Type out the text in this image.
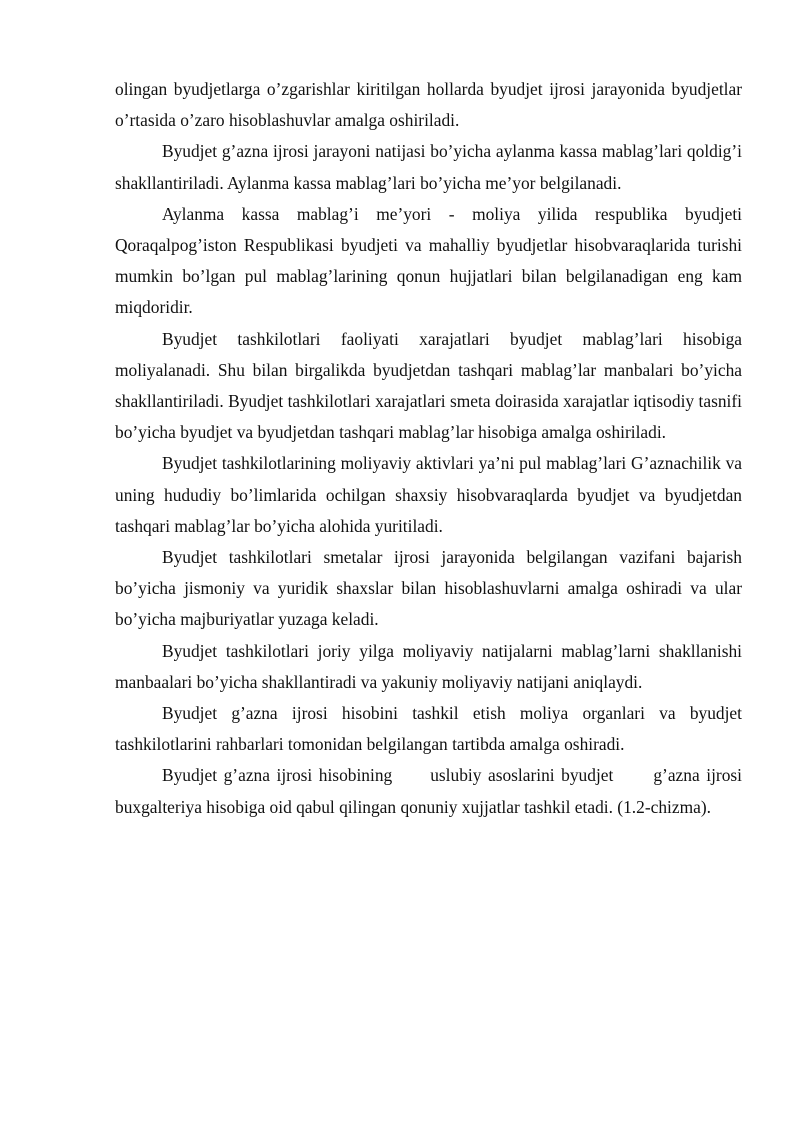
olingan byudjetlarga o’zgarishlar kiritilgan hollarda byudjet ijrosi jarayonida byudjetlar o’rtasida o’zaro hisoblashuvlar amalga oshiriladi.

Byudjet g’azna ijrosi jarayoni natijasi bo’yicha aylanma kassa mablag’lari qoldig’i shakllantiriladi. Aylanma kassa mablag’lari bo’yicha me’yor belgilanadi.

Aylanma kassa mablag’i me’yori - moliya yilida respublika byudjeti Qoraqalpog’iston Respublikasi byudjeti va mahalliy byudjetlar hisobvaraqlarida turishi mumkin bo’lgan pul mablag’larining qonun hujjatlari bilan belgilanadigan eng kam miqdoridir.

Byudjet tashkilotlari faoliyati xarajatlari byudjet mablag’lari hisobiga moliyalanadi. Shu bilan birgalikda byudjetdan tashqari mablag’lar manbalari bo’yicha shakllantiriladi. Byudjet tashkilotlari xarajatlari smeta doirasida xarajatlar iqtisodiy tasnifi bo’yicha byudjet va byudjetdan tashqari mablag’lar hisobiga amalga oshiriladi.

Byudjet tashkilotlarining moliyaviy aktivlari ya’ni pul mablag’lari G’aznachilik va uning hududiy bo’limlarida ochilgan shaxsiy hisobvaraqlarda byudjet va byudjetdan tashqari mablag’lar bo’yicha alohida yuritiladi.

Byudjet tashkilotlari smetalar ijrosi jarayonida belgilangan vazifani bajarish bo’yicha jismoniy va yuridik shaxslar bilan hisoblashuvlarni amalga oshiradi va ular bo’yicha majburiyatlar yuzaga keladi.

Byudjet tashkilotlari joriy yilga moliyaviy natijalarni mablag’larni shakllanishi manbaalari bo’yicha shakllantiradi va yakuniy moliyaviy natijani aniqlaydi.

Byudjet g’azna ijrosi hisobini tashkil etish moliya organlari va byudjet tashkilotlarini rahbarlari tomonidan belgilangan tartibda amalga oshiradi.

Byudjet g’azna ijrosi hisobining uslubiy asoslarini byudjet g’azna ijrosi buxgalteriya hisobiga oid qabul qilingan qonuniy xujjatlar tashkil etadi. (1.2-chizma).
